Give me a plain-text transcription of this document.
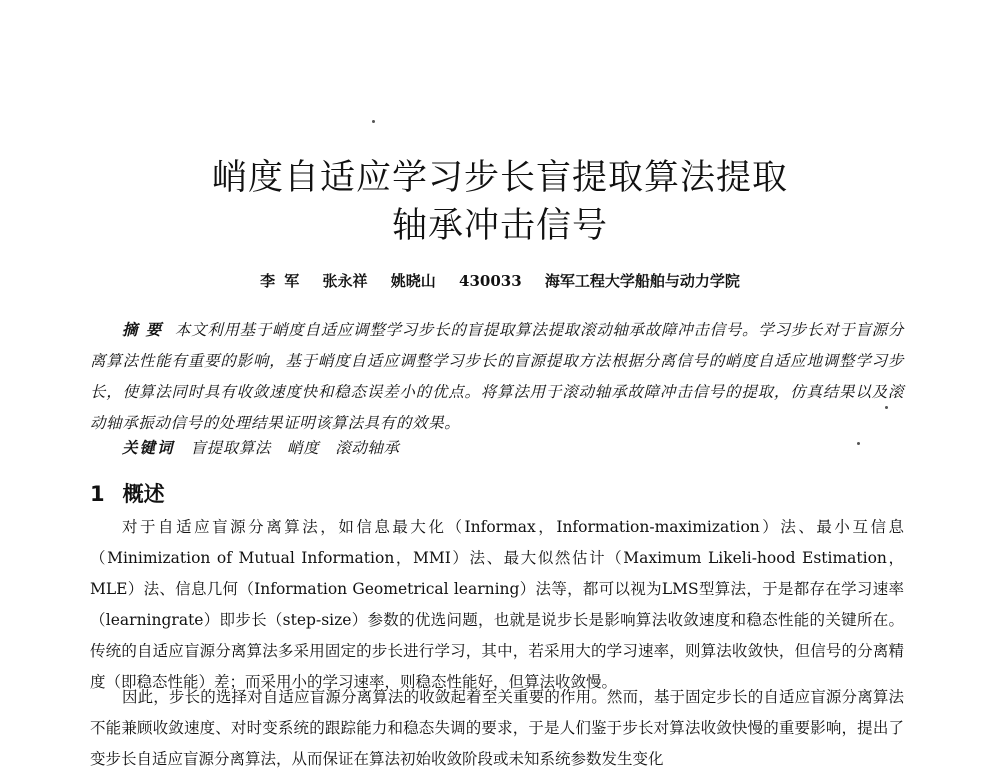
峭度自适应学习步长盲提取算法提取
轴承冲击信号
李 军 张永祥 姚晓山 430033 海军工程大学船舶与动力学院
摘要 本文利用基于峭度自适应调整学习步长的盲提取算法提取滚动轴承故障冲击信号。学习步长对于盲源分离算法性能有重要的影响，基于峭度自适应调整学习步长的盲源提取方法根据分离信号的峭度自适应地调整学习步长，使算法同时具有收敛速度快和稳态误差小的优点。将算法用于滚动轴承故障冲击信号的提取，仿真结果以及滚动轴承振动信号的处理结果证明该算法具有的效果。
关键词 盲提取算法 峭度 滚动轴承
1 概述
对于自适应盲源分离算法，如信息最大化（Informax，Information-maximization）法、最小互信息（Minimization of Mutual Information，MMI）法、最大似然估计（Maximum Likeli-hood Estimation，MLE）法、信息几何（Information Geometrical learning）法等，都可以视为LMS型算法，于是都存在学习速率（learningrate）即步长（step-size）参数的优选问题，也就是说步长是影响算法收敛速度和稳态性能的关键所在。传统的自适应盲源分离算法多采用固定的步长进行学习，其中，若采用大的学习速率，则算法收敛快，但信号的分离精度（即稳态性能）差；而采用小的学习速率，则稳态性能好，但算法收敛慢。
因此，步长的选择对自适应盲源分离算法的收敛起着至关重要的作用。然而，基于固定步长的自适应盲源分离算法不能兼顾收敛速度、对时变系统的跟踪能力和稳态失调的要求，于是人们鉴于步长对算法收敛快慢的重要影响，提出了变步长自适应盲源分离算法，从而保证在算法初始收敛阶段或未知系统参数发生变化
